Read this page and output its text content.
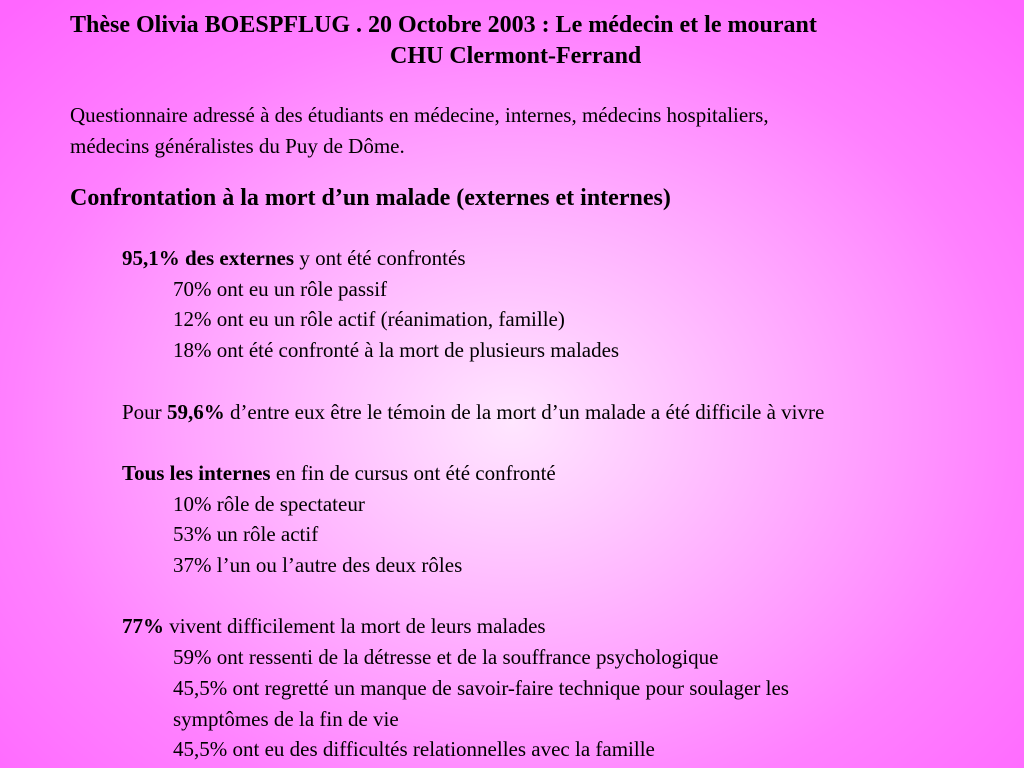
Thèse Olivia BOESPFLUG . 20 Octobre 2003 : Le médecin et le mourant
CHU Clermont-Ferrand
Questionnaire adressé à des étudiants en médecine, internes, médecins hospitaliers,
médecins généralistes du Puy de Dôme.
Confrontation à la mort d’un malade (externes et internes)

95,1% des externes y ont été confrontés

70% ont eu un rôle passif

12% ont eu un rôle actif (réanimation, famille)

18% ont été confronté à la mort de plusieurs malades

Pour 59,6% d’entre eux être le témoin de la mort d’un malade a été difficile à vivre

Tous les internes en fin de cursus ont été confronté

10% rôle de spectateur

53% un rôle actif

37% l’un ou l’autre des deux rôles

77% vivent difficilement la mort de leurs malades

59% ont ressenti de la détresse et de la souffrance psychologique

45,5% ont regretté un manque de savoir-faire technique pour soulager les

symptômes de la fin de vie

45,5% ont eu des difficultés relationnelles avec la famille
